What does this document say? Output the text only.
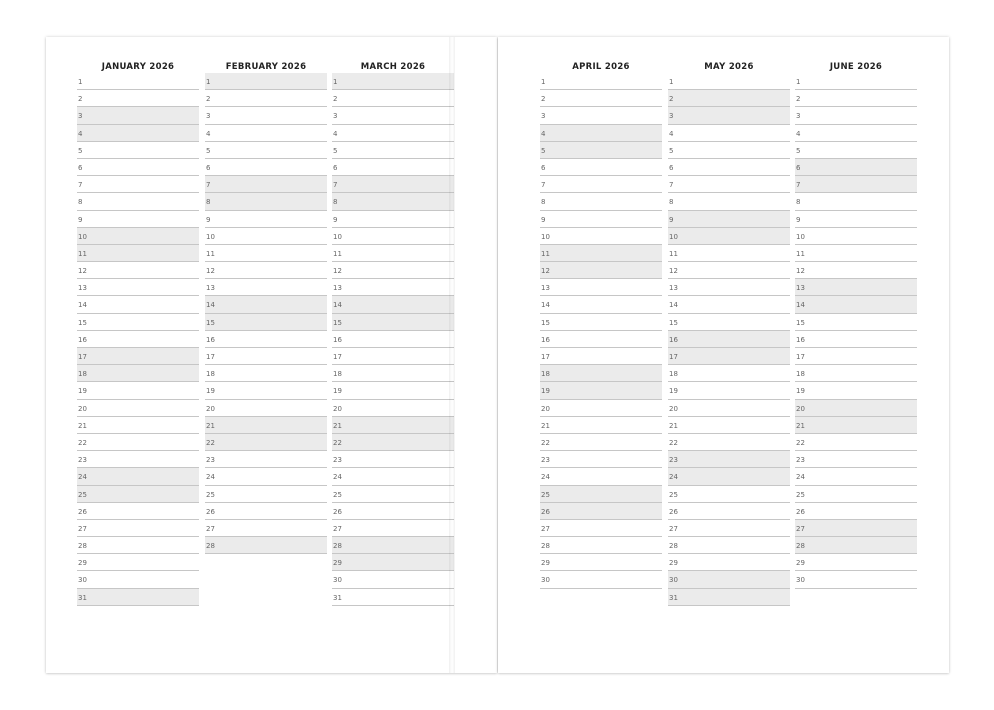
JANUARY 2026
1
2
3
4
5
6
7
8
9
10
11
12
13
14
15
16
17
18
19
20
21
22
23
24
25
26
27
28
29
30
31
FEBRUARY 2026
1
2
3
4
5
6
7
8
9
10
11
12
13
14
15
16
17
18
19
20
21
22
23
24
25
26
27
28
MARCH 2026
1
2
3
4
5
6
7
8
9
10
11
12
13
14
15
16
17
18
19
20
21
22
23
24
25
26
27
28
29
30
31
APRIL 2026
1
2
3
4
5
6
7
8
9
10
11
12
13
14
15
16
17
18
19
20
21
22
23
24
25
26
27
28
29
30
MAY 2026
1
2
3
4
5
6
7
8
9
10
11
12
13
14
15
16
17
18
19
20
21
22
23
24
25
26
27
28
29
30
31
JUNE 2026
1
2
3
4
5
6
7
8
9
10
11
12
13
14
15
16
17
18
19
20
21
22
23
24
25
26
27
28
29
30
